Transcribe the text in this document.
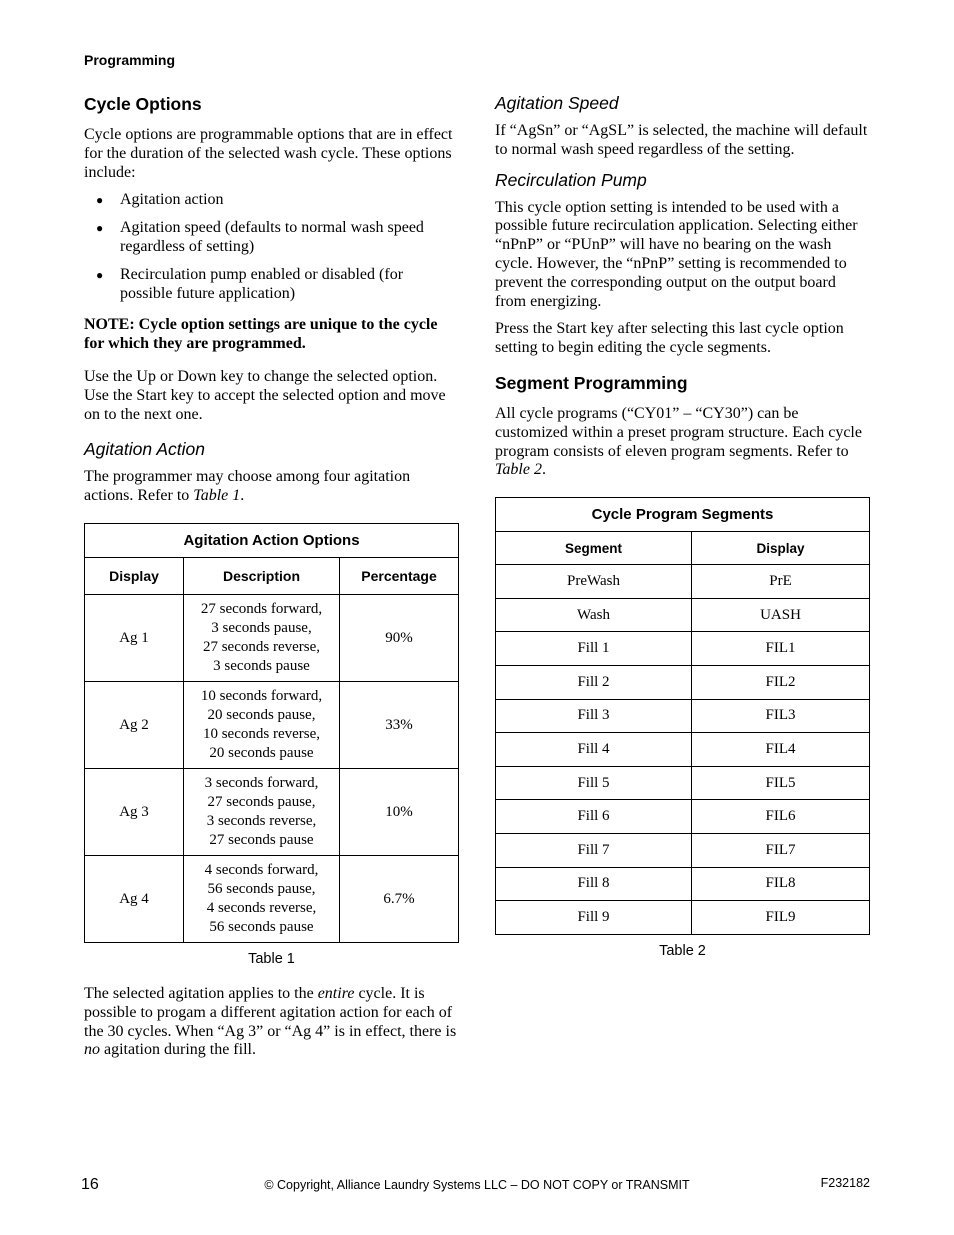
Programming
Cycle Options

Cycle options are programmable options that are in effect for the duration of the selected wash cycle. These options include:

● Agitation action
● Agitation speed (defaults to normal wash speed regardless of setting)
● Recirculation pump enabled or disabled (for possible future application)

NOTE: Cycle option settings are unique to the cycle for which they are programmed.

Use the Up or Down key to change the selected option. Use the Start key to accept the selected option and move on to the next one.

Agitation Action

The programmer may choose among four agitation actions. Refer to Table 1.

Agitation Action Options		
Display	Description	Percentage
Ag 1	27 seconds forward,
3 seconds pause,
27 seconds reverse,
3 seconds pause	90%
Ag 2	10 seconds forward,
20 seconds pause,
10 seconds reverse,
20 seconds pause	33%
Ag 3	3 seconds forward,
27 seconds pause,
3 seconds reverse,
27 seconds pause	10%
Ag 4	4 seconds forward,
56 seconds pause,
4 seconds reverse,
56 seconds pause	6.7%
Table 1

The selected agitation applies to the entire cycle. It is possible to progam a different agitation action for each of the 30 cycles. When “Ag 3” or “Ag 4” is in effect, there is no agitation during the fill.

Agitation Speed

If “AgSn” or “AgSL” is selected, the machine will default to normal wash speed regardless of the setting.

Recirculation Pump

This cycle option setting is intended to be used with a possible future recirculation application. Selecting either “nPnP” or “PUnP” will have no bearing on the wash cycle. However, the “nPnP” setting is recommended to prevent the corresponding output on the output board from energizing.

Press the Start key after selecting this last cycle option setting to begin editing the cycle segments.

Segment Programming

All cycle programs (“CY01” – “CY30”) can be customized within a preset program structure. Each cycle program consists of eleven program segments. Refer to Table 2.

Cycle Program Segments	
Segment	Display
PreWash	PrE
Wash	UASH
Fill 1	FIL1
Fill 2	FIL2
Fill 3	FIL3
Fill 4	FIL4
Fill 5	FIL5
Fill 6	FIL6
Fill 7	FIL7
Fill 8	FIL8
Fill 9	FIL9
Table 2
16	© Copyright, Alliance Laundry Systems LLC – DO NOT COPY or TRANSMIT	F232182
